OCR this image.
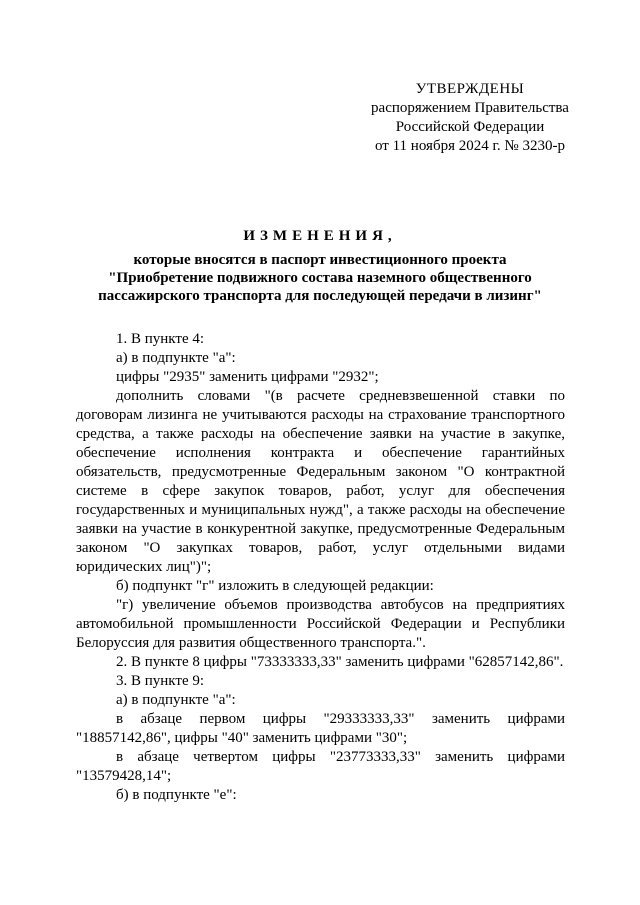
УТВЕРЖДЕНЫ
распоряжением Правительства
Российской Федерации
от 11 ноября 2024 г. № 3230-р
ИЗМЕНЕНИЯ,
которые вносятся в паспорт инвестиционного проекта
"Приобретение подвижного состава наземного общественного
пассажирского транспорта для последующей передачи в лизинг"

1. В пункте 4:

а) в подпункте "а":

цифры "2935" заменить цифрами "2932";

дополнить словами "(в расчете средневзвешенной ставки по договорам лизинга не учитываются расходы на страхование транспортного средства, а также расходы на обеспечение заявки на участие в закупке, обеспечение исполнения контракта и обеспечение гарантийных обязательств, предусмотренные Федеральным законом "О контрактной системе в сфере закупок товаров, работ, услуг для обеспечения государственных и муниципальных нужд", а также расходы на обеспечение заявки на участие в конкурентной закупке, предусмотренные Федеральным законом "О закупках товаров, работ, услуг отдельными видами юридических лиц")";

б) подпункт "г" изложить в следующей редакции:

"г) увеличение объемов производства автобусов на предприятиях автомобильной промышленности Российской Федерации и Республики Белоруссия для развития общественного транспорта.".

2. В пункте 8 цифры "73333333,33" заменить цифрами "62857142,86".

3. В пункте 9:

а) в подпункте "а":

в абзаце первом цифры "29333333,33" заменить цифрами "18857142,86", цифры "40" заменить цифрами "30";

в абзаце четвертом цифры "23773333,33" заменить цифрами "13579428,14";

б) в подпункте "е":
